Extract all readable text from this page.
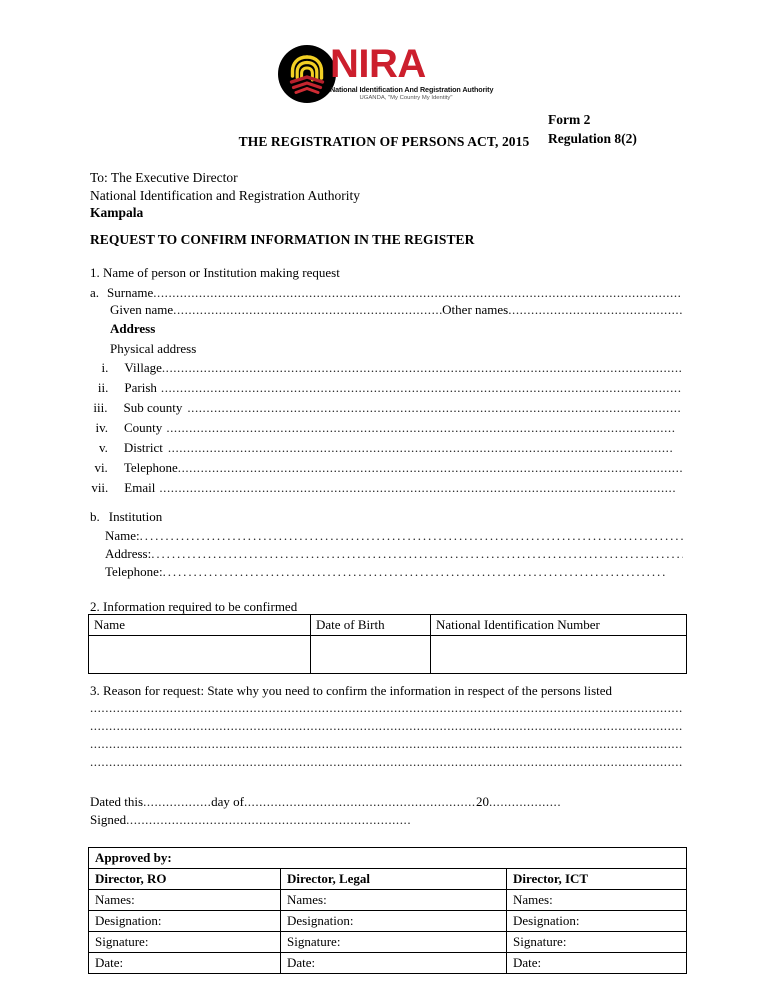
NIRA
National Identification And Registration Authority
UGANDA, "My Country My Identity"
Form 2
Regulation 8(2)
THE REGISTRATION OF PERSONS ACT, 2015
To: The Executive Director
National Identification and Registration Authority
Kampala
REQUEST TO CONFIRM INFORMATION IN THE REGISTER
1. Name of person or Institution making request
a. Surname
.....
Given name .....	Other names
.....
Address
Physical address
i.	Village
.....
ii.	Parish
.....
iii.	Sub county
.....
iv.	County
.....
v.	District
.....
vi.	Telephone
.....
vii.	Email
.....
b. Institution
Name:
.....
Address:
.....
Telephone:
.....
2. Information required to be confirmed
Name	Date of Birth	National Identification Number

3. Reason for request: State why you need to confirm the information in respect of the persons listed
.....
.....
.....
.....
Dated this .....	day of .....	20
.....
Signed
.....
Approved by:		
Director, RO	Director, Legal	Director, ICT
Names:	Names:	Names:
Designation:	Designation:	Designation:
Signature:	Signature:	Signature:
Date:	Date:	Date:
